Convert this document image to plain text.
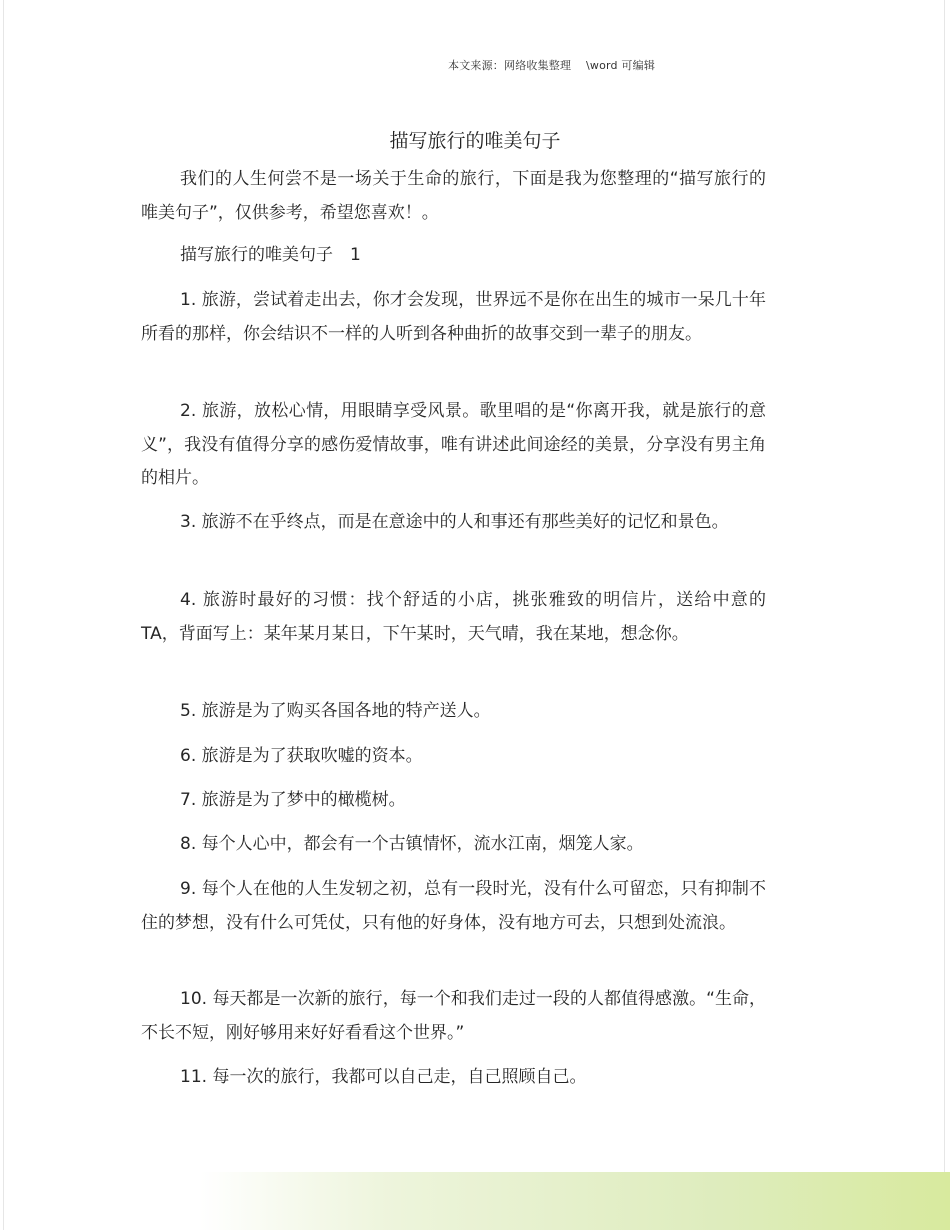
本文来源：网络收集整理    \word 可编辑
描写旅行的唯美句子

我们的人生何尝不是一场关于生命的旅行，下面是我为您整理的“描写旅行的唯美句子”，仅供参考，希望您喜欢！。

描写旅行的唯美句子　1

1. 旅游，尝试着走出去，你才会发现，世界远不是你在出生的城市一呆几十年所看的那样，你会结识不一样的人听到各种曲折的故事交到一辈子的朋友。

2. 旅游，放松心情，用眼睛享受风景。歌里唱的是“你离开我，就是旅行的意义”，我没有值得分享的感伤爱情故事，唯有讲述此间途经的美景，分享没有男主角的相片。

3. 旅游不在乎终点，而是在意途中的人和事还有那些美好的记忆和景色。

4. 旅游时最好的习惯：找个舒适的小店，挑张雅致的明信片，送给中意的 TA，背面写上：某年某月某日，下午某时，天气晴，我在某地，想念你。

5. 旅游是为了购买各国各地的特产送人。

6. 旅游是为了获取吹嘘的资本。

7. 旅游是为了梦中的橄榄树。

8. 每个人心中，都会有一个古镇情怀，流水江南，烟笼人家。

9. 每个人在他的人生发轫之初，总有一段时光，没有什么可留恋，只有抑制不住的梦想，没有什么可凭仗，只有他的好身体，没有地方可去，只想到处流浪。

10. 每天都是一次新的旅行，每一个和我们走过一段的人都值得感激。“生命，不长不短，刚好够用来好好看看这个世界。”

11. 每一次的旅行，我都可以自己走，自己照顾自己。
